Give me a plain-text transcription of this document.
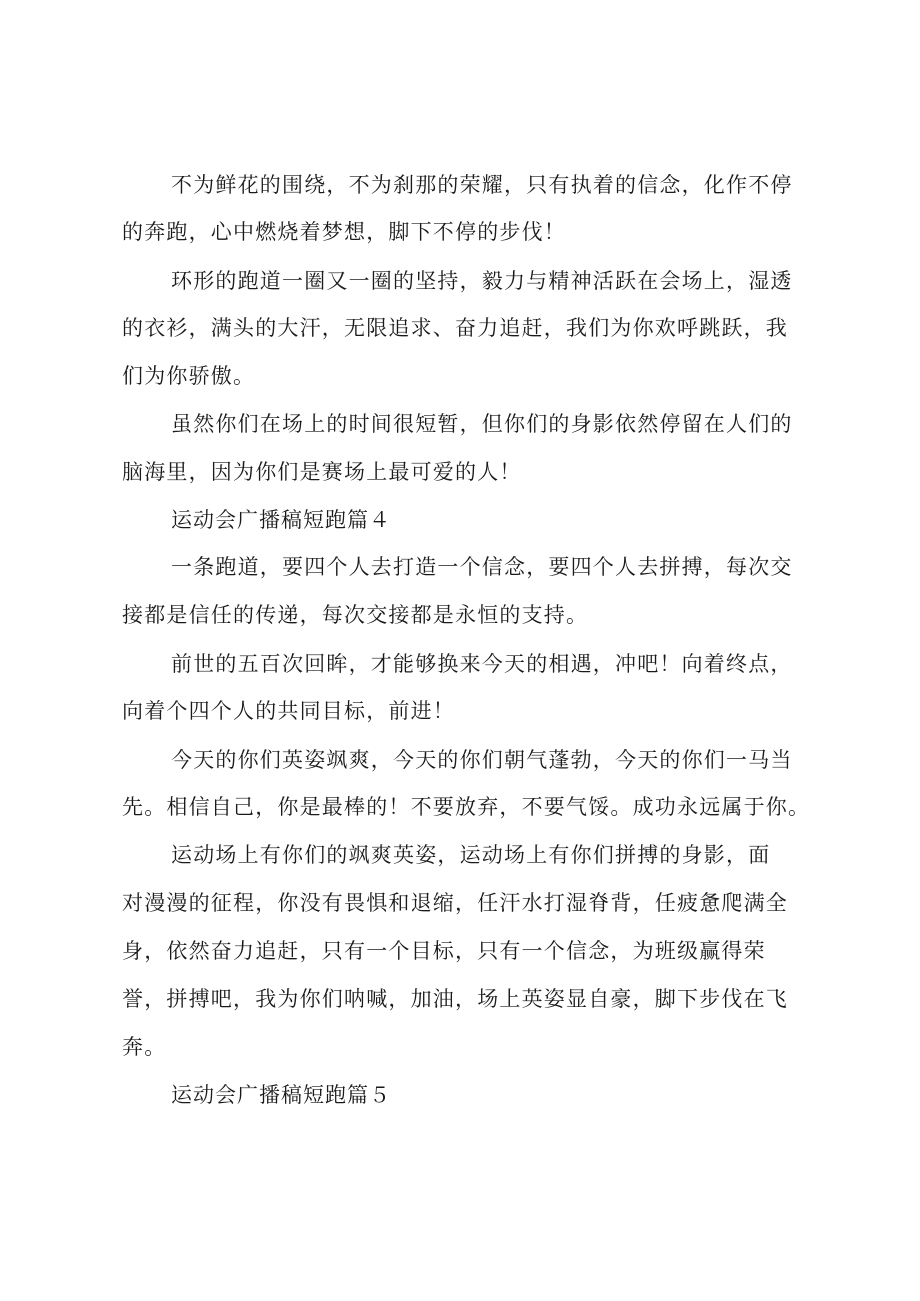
不为鲜花的围绕，不为刹那的荣耀，只有执着的信念，化作不停
的奔跑，心中燃烧着梦想，脚下不停的步伐！
环形的跑道一圈又一圈的坚持，毅力与精神活跃在会场上，湿透
的衣衫，满头的大汗，无限追求、奋力追赶，我们为你欢呼跳跃，我
们为你骄傲。
虽然你们在场上的时间很短暂，但你们的身影依然停留在人们的
脑海里，因为你们是赛场上最可爱的人！
运动会广播稿短跑篇４
一条跑道，要四个人去打造一个信念，要四个人去拼搏，每次交
接都是信任的传递，每次交接都是永恒的支持。
前世的五百次回眸，才能够换来今天的相遇，冲吧！向着终点，
向着个四个人的共同目标，前进！
今天的你们英姿飒爽，今天的你们朝气蓬勃，今天的你们一马当
先。相信自己，你是最棒的！不要放弃，不要气馁。成功永远属于你。
运动场上有你们的飒爽英姿，运动场上有你们拼搏的身影，面
对漫漫的征程，你没有畏惧和退缩，任汗水打湿脊背，任疲惫爬满全
身，依然奋力追赶，只有一个目标，只有一个信念，为班级赢得荣
誉，拼搏吧，我为你们呐喊，加油，场上英姿显自豪，脚下步伐在飞
奔。
运动会广播稿短跑篇５
